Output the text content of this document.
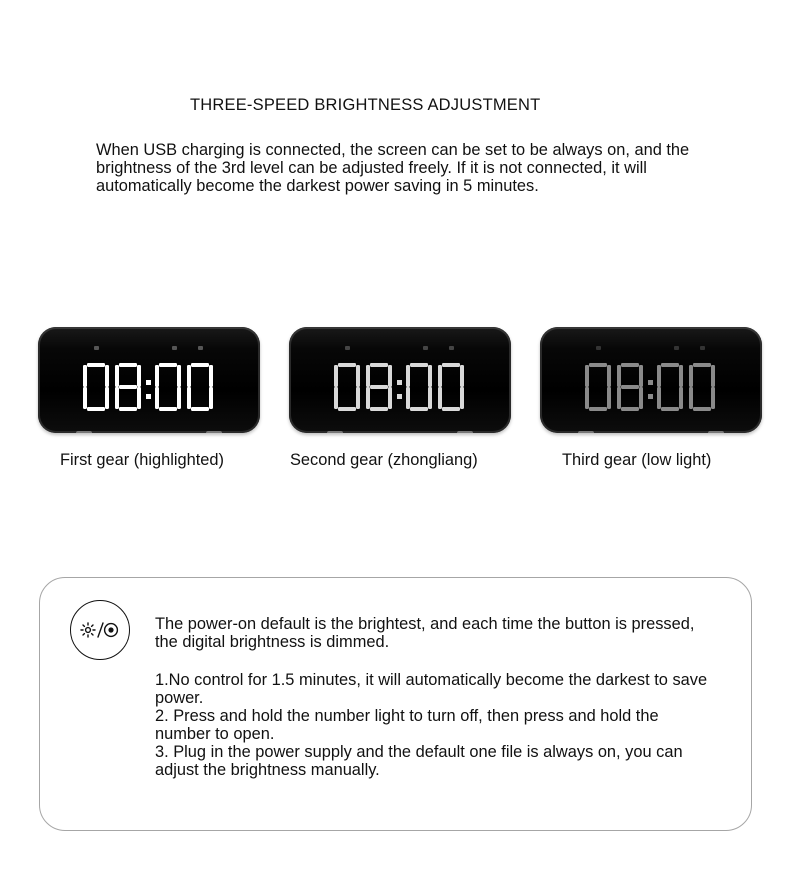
THREE-SPEED BRIGHTNESS ADJUSTMENT
When USB charging is connected, the screen can be set to be always on, and the brightness of the 3rd level can be adjusted freely. If it is not connected, it will automatically become the darkest power saving in 5 minutes.
First gear (highlighted)	Second gear (zhongliang)	Third gear (low light)

The power-on default is the brightest, and each time the button is pressed, the digital brightness is dimmed.

1.No control for 1.5 minutes, it will automatically become the darkest to save power.

2. Press and hold the number light to turn off, then press and hold the number to open.

3. Plug in the power supply and the default one file is always on, you can adjust the brightness manually.
